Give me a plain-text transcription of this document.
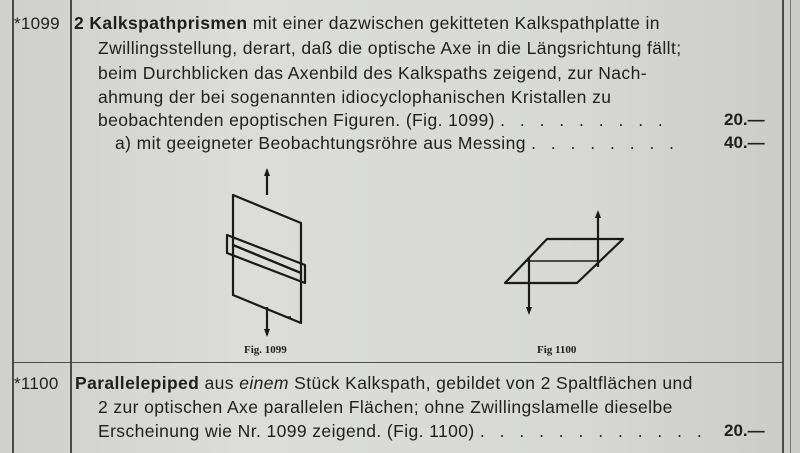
*1099 2 Kalkspathprismen mit einer dazwischen gekitteten Kalkspathplatte in
Zwillingsstellung, derart, daß die optische Axe in die Längsrichtung fällt;
beim Durchblicken das Axenbild des Kalkspaths zeigend, zur Nach-
ahmung der bei sogenannten idiocyclophanischen Kristallen zu
beobachtenden epoptischen Figuren. (Fig. 1099) . . . . . . . . .	20.—
a) mit geeigneter Beobachtungsröhre aus Messing . . . . . . . .	40.—
Fig. 1099	Fig 1100
*1100 Parallelepiped aus einem Stück Kalkspath, gebildet von 2 Spaltflächen und
2 zur optischen Axe parallelen Flächen; ohne Zwillingslamelle dieselbe
Erscheinung wie Nr. 1099 zeigend. (Fig. 1100) . . . . . . . . . . . . 20.—
